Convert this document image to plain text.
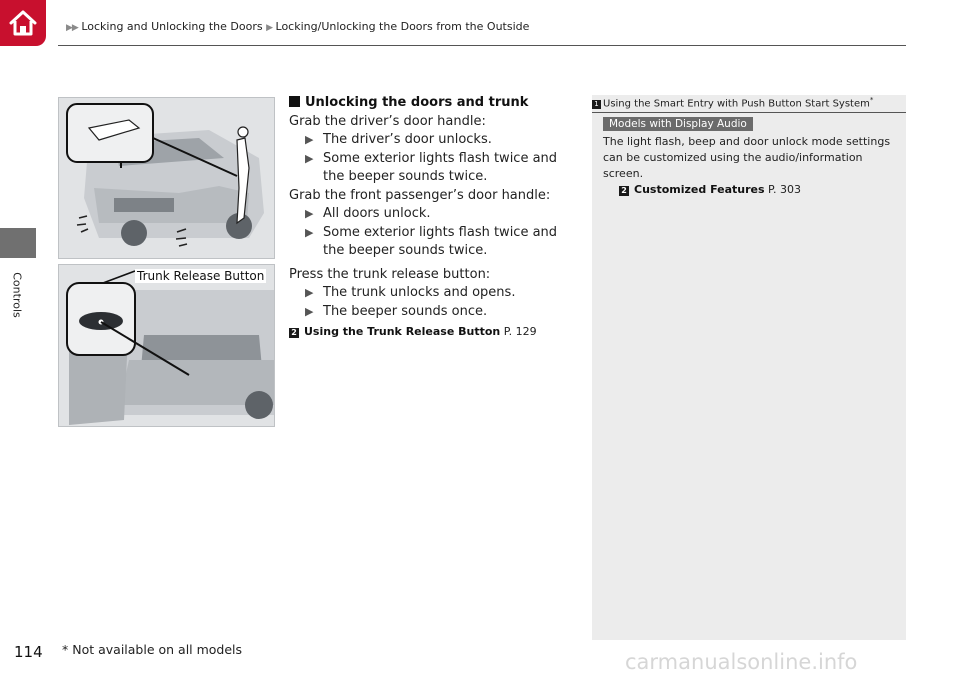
▶▶ Locking and Unlocking the Doors ▶ Locking/Unlocking the Doors from the Outside
Controls	Trunk Release Button
Unlocking the doors and trunk

Grab the driver’s door handle:

▶ The driver’s door unlocks.

▶ Some exterior lights flash twice and the beeper sounds twice.

Grab the front passenger’s door handle:

▶ All doors unlock.

▶ Some exterior lights flash twice and the beeper sounds twice.

Press the trunk release button:

▶ The trunk unlocks and opens.

▶ The beeper sounds once.

2 Using the Trunk Release Button P. 129

1 Using the Smart Entry with Push Button Start System*
Models with Display Audio
The light flash, beep and door unlock mode settings can be customized using the audio/information screen.
2 Customized Features P. 303
114 * Not available on all models
carmanualsonline.info
